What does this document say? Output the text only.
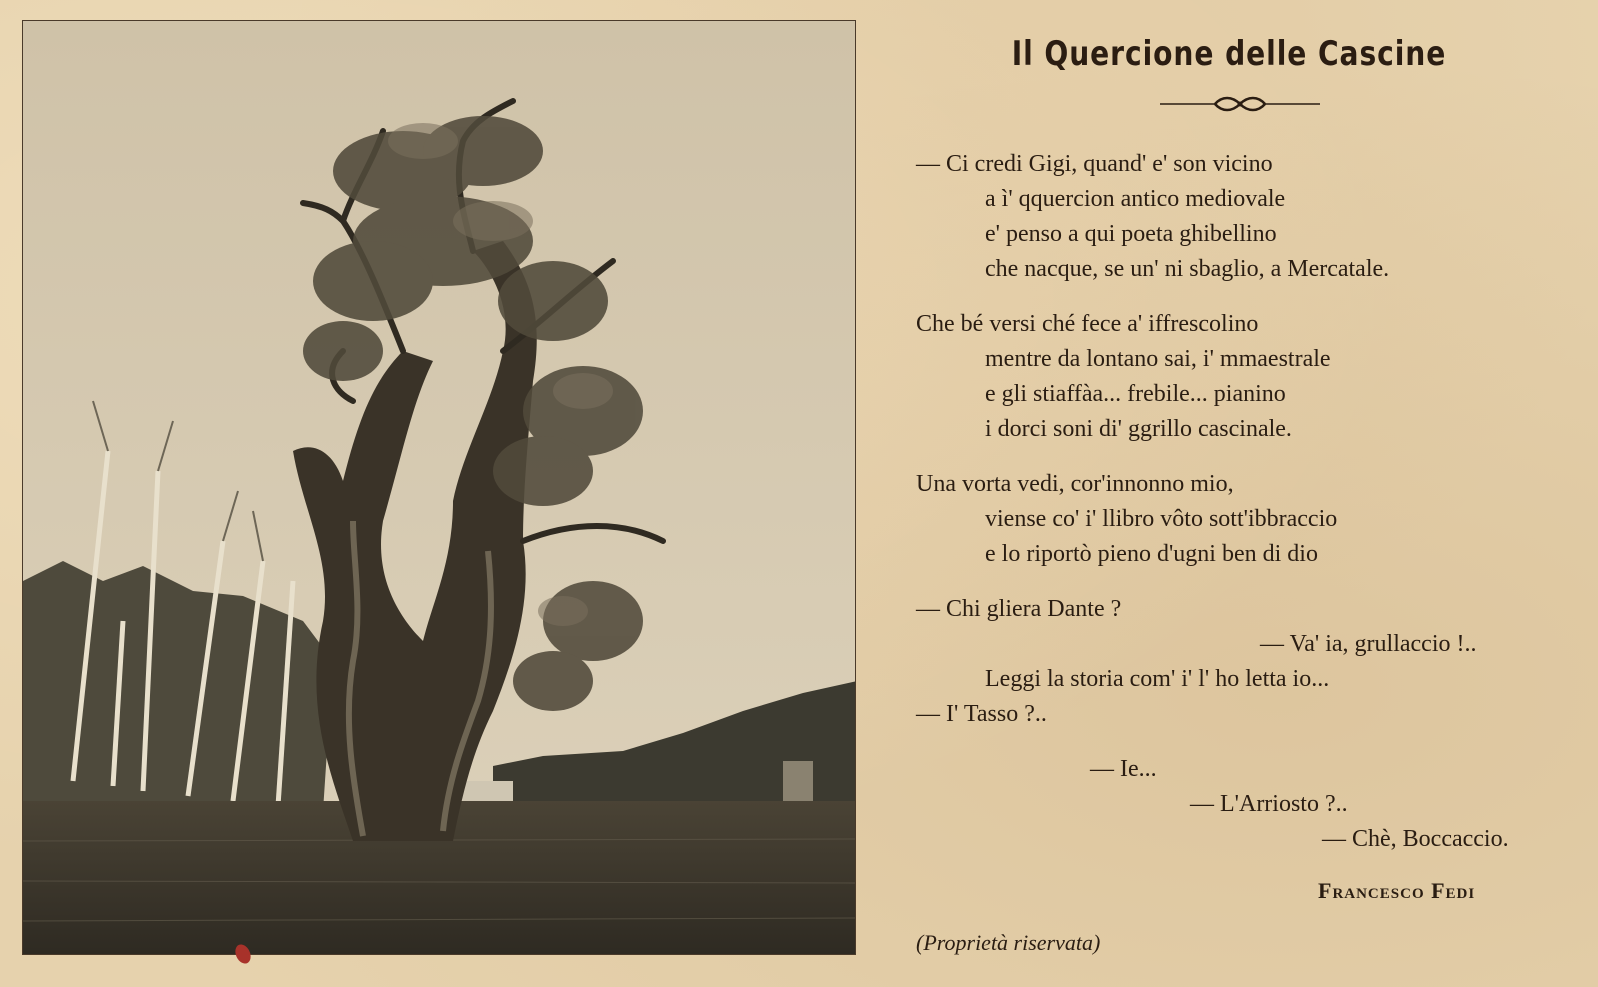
Il Quercione delle Cascine
— Ci credi Gigi, quand' e' son vicino
a ì' qquercion antico mediovale
e' penso a qui poeta ghibellino
che nacque, se un' ni sbaglio, a Mercatale.
Che bé versi ché fece a' iffrescolino
mentre da lontano sai, i' mmaestrale
e gli stiaffàa... frebile... pianino
i dorci soni di' ggrillo cascinale.
Una vorta vedi, cor'innonno mio,
viense co' i' llibro vôto sott'ibbraccio
e lo riportò pieno d'ugni ben di dio
— Chi gliera Dante ?
— Va' ia, grullaccio !..
Leggi la storia com' i' l' ho letta io...
— I' Tasso ?..
— Ie...
— L'Arriosto ?..
— Chè, Boccaccio.
Francesco Fedi
(Proprietà riservata)
